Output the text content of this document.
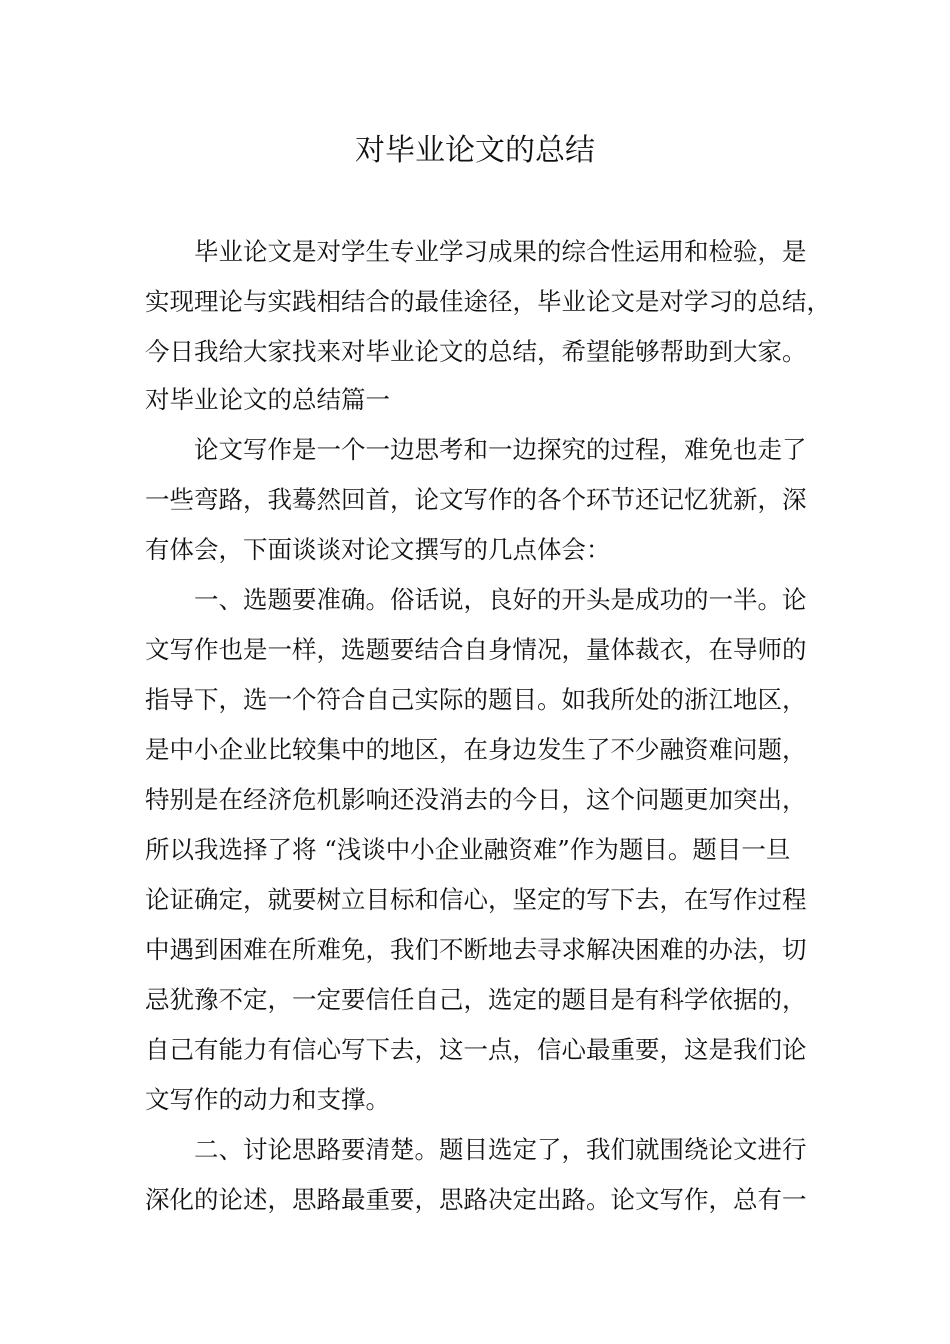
对毕业论文的总结

　　毕业论文是对学生专业学习成果的综合性运用和检验，是

实现理论与实践相结合的最佳途径，毕业论文是对学习的总结，

今日我给大家找来对毕业论文的总结，希望能够帮助到大家。

对毕业论文的总结篇一

　　论文写作是一个一边思考和一边探究的过程，难免也走了

一些弯路，我蓦然回首，论文写作的各个环节还记忆犹新，深

有体会，下面谈谈对论文撰写的几点体会：

　　一、选题要准确。俗话说，良好的开头是成功的一半。论

文写作也是一样，选题要结合自身情况，量体裁衣，在导师的

指导下，选一个符合自己实际的题目。如我所处的浙江地区，

是中小企业比较集中的地区，在身边发生了不少融资难问题，

特别是在经济危机影响还没消去的今日，这个问题更加突出，

所以我选择了将 “浅谈中小企业融资难”作为题目。题目一旦

论证确定，就要树立目标和信心，坚定的写下去，在写作过程

中遇到困难在所难免，我们不断地去寻求解决困难的办法，切

忌犹豫不定，一定要信任自己，选定的题目是有科学依据的，

自己有能力有信心写下去，这一点，信心最重要，这是我们论

文写作的动力和支撑。

　　二、讨论思路要清楚。题目选定了，我们就围绕论文进行

深化的论述，思路最重要，思路决定出路。论文写作，总有一
